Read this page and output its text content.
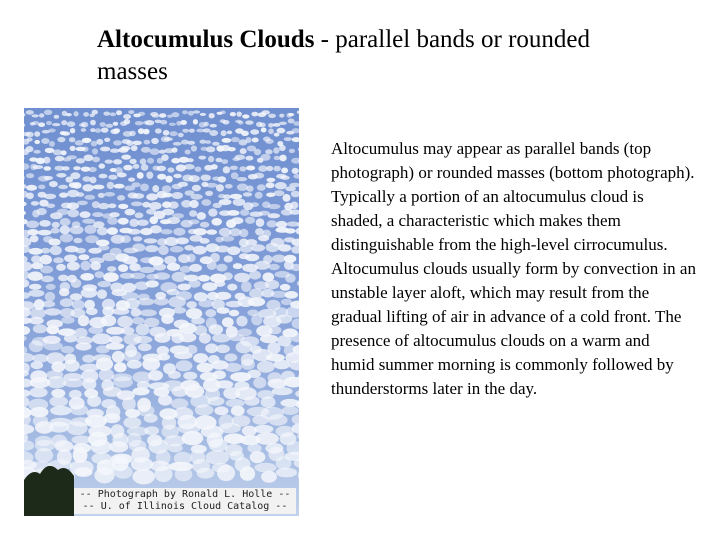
Altocumulus Clouds - parallel bands or rounded masses
-- Photograph by Ronald L. Holle --
-- U. of Illinois Cloud Catalog --

Altocumulus may appear as parallel bands (top photograph) or rounded masses (bottom photograph). Typically a portion of an altocumulus cloud is shaded, a characteristic which makes them distinguishable from the high-level cirrocumulus. Altocumulus clouds usually form by convection in an unstable layer aloft, which may result from the gradual lifting of air in advance of a cold front. The presence of altocumulus clouds on a warm and humid summer morning is commonly followed by thunderstorms later in the day.
